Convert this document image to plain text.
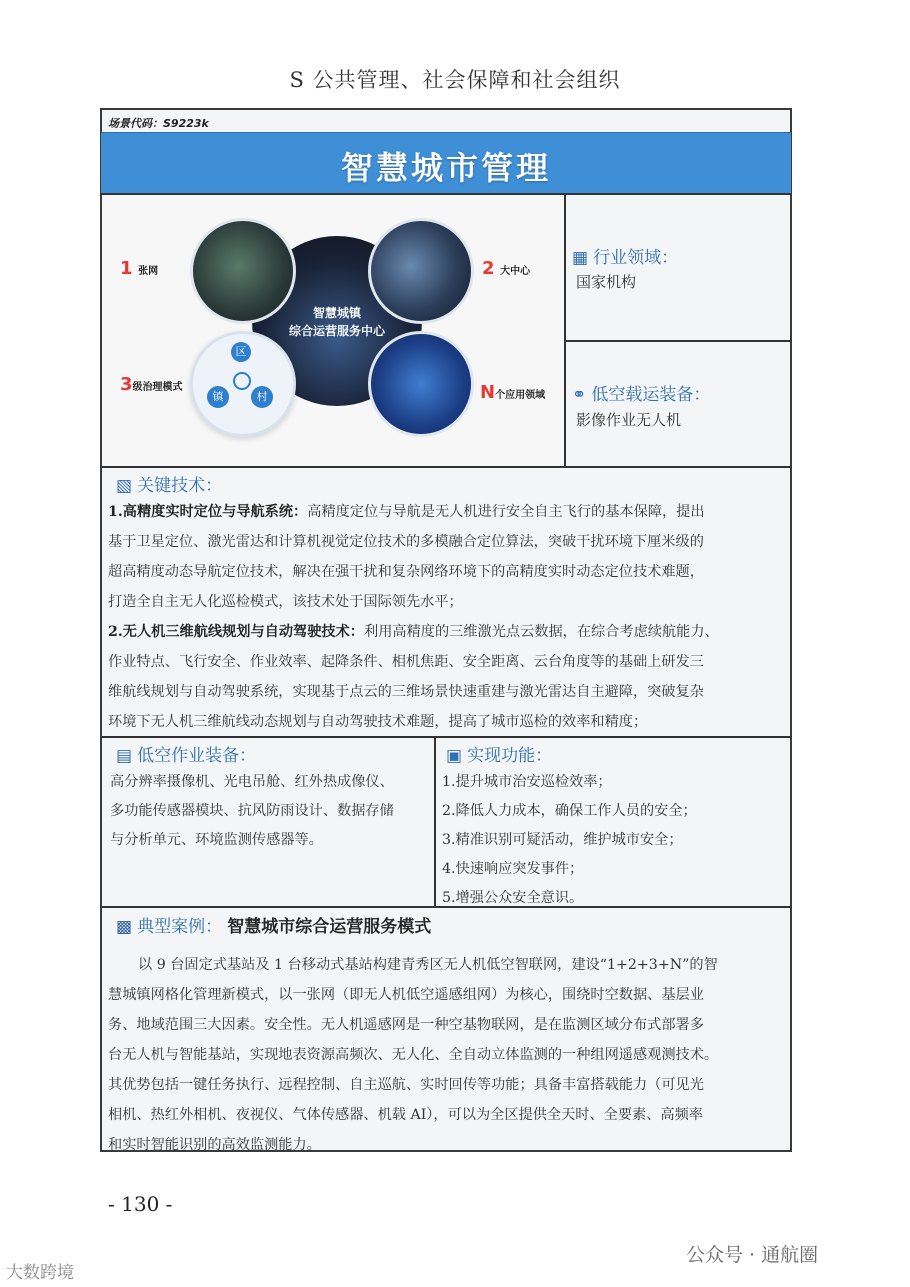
S 公共管理、社会保障和社会组织
场景代码：S9223k
智慧城市管理
智慧城镇
综合运营服务中心
区
镇	村
1 张网	2 大中心
3级治理模式	N个应用领域
▦ 行业领域：
国家机构
⚭ 低空载运装备：
影像作业无人机
▧ 关键技术：
1.高精度实时定位与导航系统：高精度定位与导航是无人机进行安全自主飞行的基本保障，提出
基于卫星定位、激光雷达和计算机视觉定位技术的多模融合定位算法，突破干扰环境下厘米级的
超高精度动态导航定位技术，解决在强干扰和复杂网络环境下的高精度实时动态定位技术难题，
打造全自主无人化巡检模式，该技术处于国际领先水平；
2.无人机三维航线规划与自动驾驶技术：利用高精度的三维激光点云数据，在综合考虑续航能力、
作业特点、飞行安全、作业效率、起降条件、相机焦距、安全距离、云台角度等的基础上研发三
维航线规划与自动驾驶系统，实现基于点云的三维场景快速重建与激光雷达自主避障，突破复杂
环境下无人机三维航线动态规划与自动驾驶技术难题，提高了城市巡检的效率和精度；
▤ 低空作业装备：
高分辨率摄像机、光电吊舱、红外热成像仪、
多功能传感器模块、抗风防雨设计、数据存储
与分析单元、环境监测传感器等。
▣ 实现功能：
1.提升城市治安巡检效率；
2.降低人力成本，确保工作人员的安全；
3.精准识别可疑活动，维护城市安全；
4.快速响应突发事件；
5.增强公众安全意识。
▩ 典型案例： 智慧城市综合运营服务模式
以 9 台固定式基站及 1 台移动式基站构建青秀区无人机低空智联网，建设“1+2+3+N”的智
慧城镇网格化管理新模式，以一张网（即无人机低空遥感组网）为核心，围绕时空数据、基层业
务、地域范围三大因素。安全性。无人机遥感网是一种空基物联网，是在监测区域分布式部署多
台无人机与智能基站，实现地表资源高频次、无人化、全自动立体监测的一种组网遥感观测技术。
其优势包括一键任务执行、远程控制、自主巡航、实时回传等功能；具备丰富搭载能力（可见光
相机、热红外相机、夜视仪、气体传感器、机载 AI），可以为全区提供全天时、全要素、高频率
和实时智能识别的高效监测能力。
- 130 -
大数跨境
公众号 · 通航圈
